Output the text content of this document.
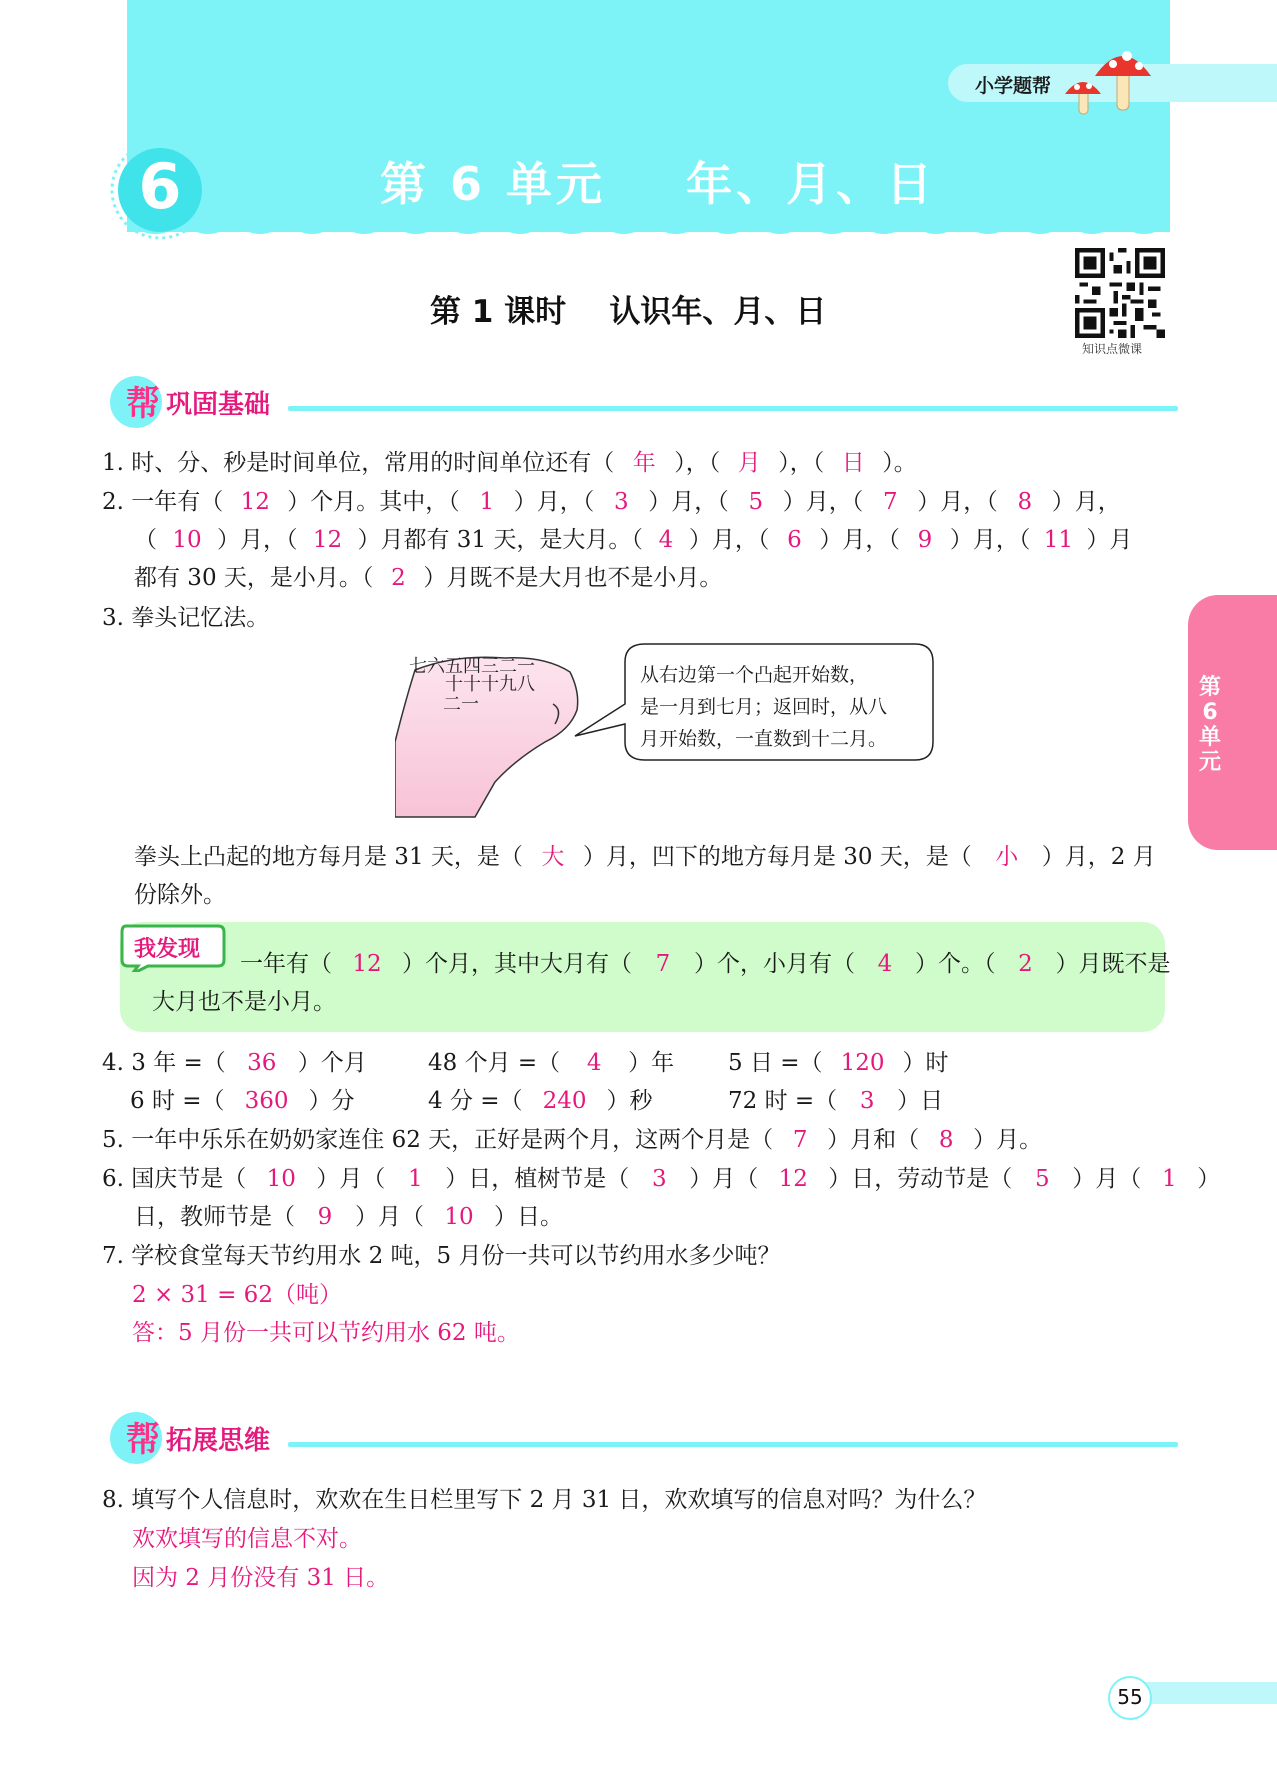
小学题帮
6	第 6 单元    年、月、日
第 1 课时    认识年、月、日
知识点微课
第6单元
帮 巩固基础
1. 时、分、秒是时间单位，常用的时间单位还有（ 年 ），（ 月 ），（ 日 ）。
2. 一年有（ 12 ）个月。其中，（ 1 ）月，（ 3 ）月，（ 5 ）月，（ 7 ）月，（ 8 ）月，
（ 10 ）月，（ 12 ）月都有 31 天，是大月。（ 4 ）月，（ 6 ）月，（ 9 ）月，（ 11 ）月
都有 30 天，是小月。（ 2 ）月既不是大月也不是小月。
3. 拳头记忆法。
七六五四三二一
十十十九八
二一
从右边第一个凸起开始数，
是一月到七月；返回时，从八
月开始数，一直数到十二月。
拳头上凸起的地方每月是 31 天，是（ 大 ）月，凹下的地方每月是 30 天，是（ 小 ）月，2 月
份除外。
我发现
一年有（ 12 ）个月，其中大月有（ 7 ）个，小月有（ 4 ）个。（ 2 ）月既不是
大月也不是小月。
4. 3 年 =（ 36 ）个月	48 个月 =（ 4 ）年 5 日 =（ 120 ）时
6 时 =（ 360 ）分	4 分 =（ 240 ）秒	72 时 =（ 3 ）日
5. 一年中乐乐在奶奶家连住 62 天，正好是两个月，这两个月是（ 7 ）月和（ 8 ）月。
6. 国庆节是（ 10 ）月（ 1 ）日，植树节是（ 3 ）月（ 12 ）日，劳动节是（ 5 ）月（ 1 ）
日，教师节是（ 9 ）月（ 10 ）日。
7. 学校食堂每天节约用水 2 吨，5 月份一共可以节约用水多少吨？
2 × 31 = 62（吨）
答：5 月份一共可以节约用水 62 吨。
帮 拓展思维
8. 填写个人信息时，欢欢在生日栏里写下 2 月 31 日，欢欢填写的信息对吗？为什么？
欢欢填写的信息不对。
因为 2 月份没有 31 日。
55
